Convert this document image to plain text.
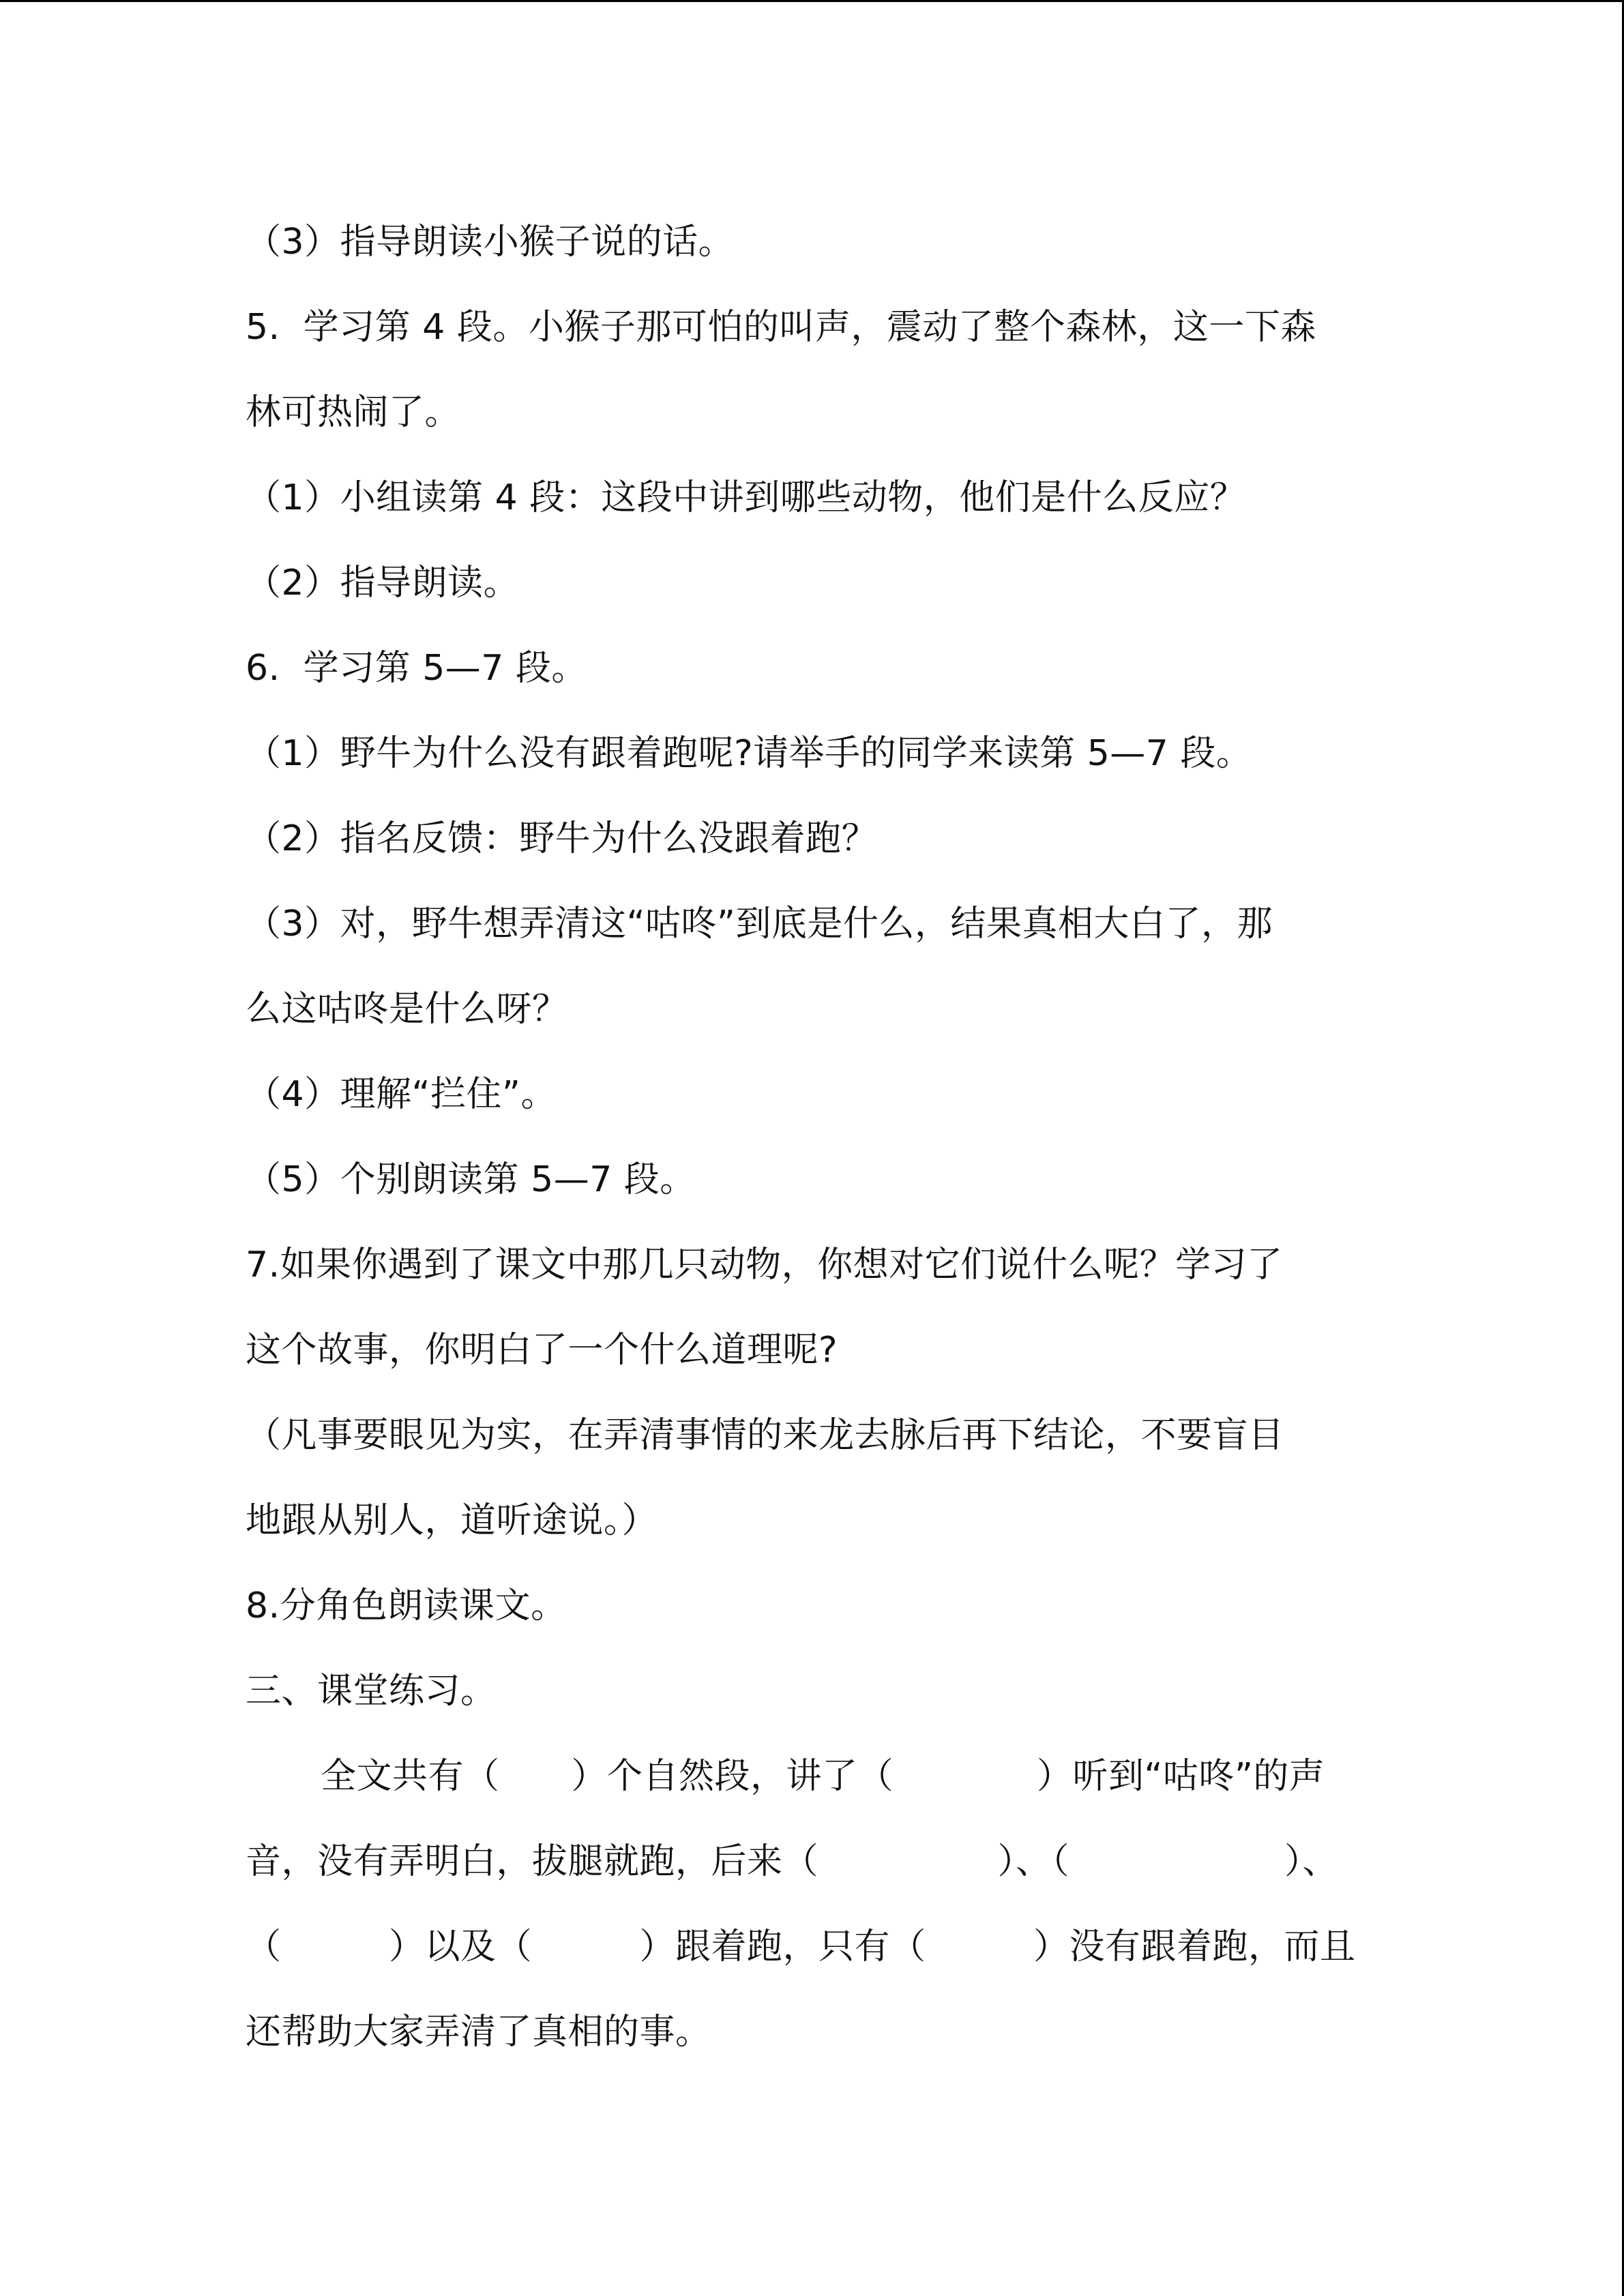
（3）指导朗读小猴子说的话。
5.  学习第 4 段。小猴子那可怕的叫声，震动了整个森林，这一下森
林可热闹了。
（1）小组读第 4 段：这段中讲到哪些动物，他们是什么反应？
（2）指导朗读。
6.  学习第 5—7 段。
（1）野牛为什么没有跟着跑呢?请举手的同学来读第 5—7 段。
（2）指名反馈：野牛为什么没跟着跑？
（3）对，野牛想弄清这“咕咚”到底是什么，结果真相大白了，那
么这咕咚是什么呀？
（4）理解“拦住”。
（5）个别朗读第 5—7 段。
7.如果你遇到了课文中那几只动物，你想对它们说什么呢？学习了
这个故事，你明白了一个什么道理呢?
（凡事要眼见为实，在弄清事情的来龙去脉后再下结论，不要盲目
地跟从别人，道听途说。）
8.分角色朗读课文。
三、课堂练习。
全文共有（　　）个自然段，讲了（　　　　）听到“咕咚”的声
音，没有弄明白，拔腿就跑，后来（　　　　　）、（　　　　　　）、
（　　　）以及（　　　）跟着跑，只有（　　　）没有跟着跑，而且
还帮助大家弄清了真相的事。
